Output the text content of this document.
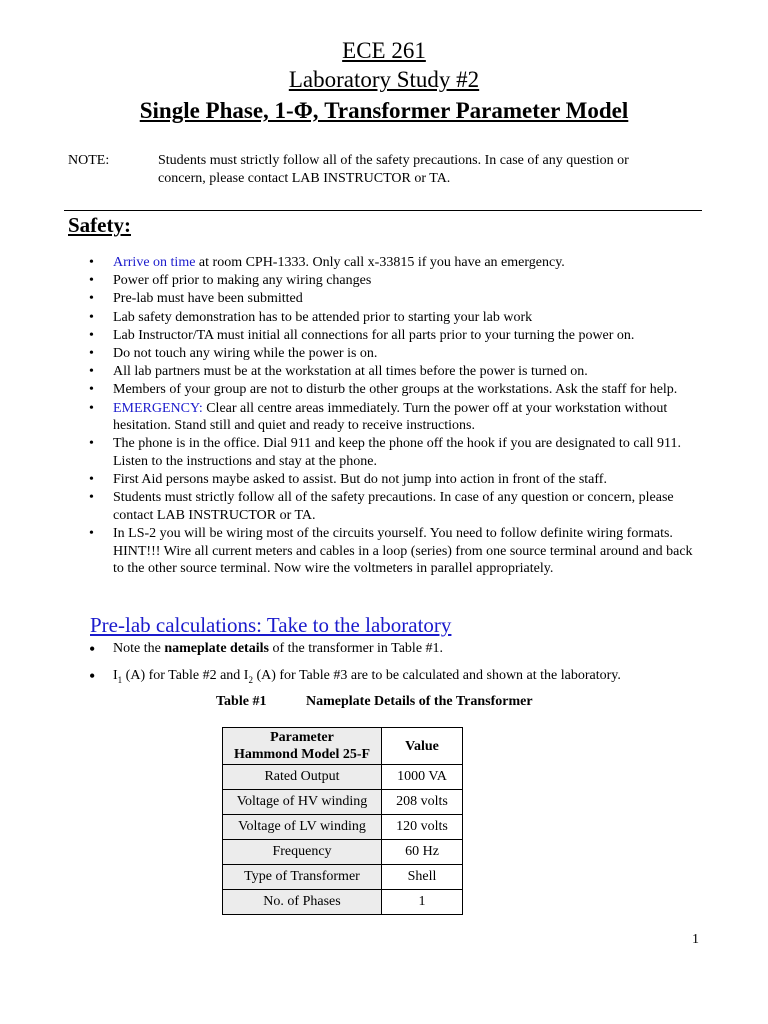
ECE 261
Laboratory Study #2
Single Phase, 1-Φ, Transformer Parameter Model
NOTE:	Students must strictly follow all of the safety precautions. In case of any question or concern, please contact LAB INSTRUCTOR or TA.
Safety:
• Arrive on time at room CPH-1333. Only call x-33815 if you have an emergency.
• Power off prior to making any wiring changes
• Pre-lab must have been submitted
• Lab safety demonstration has to be attended prior to starting your lab work
• Lab Instructor/TA must initial all connections for all parts prior to your turning the power on.
• Do not touch any wiring while the power is on.
• All lab partners must be at the workstation at all times before the power is turned on.
• Members of your group are not to disturb the other groups at the workstations. Ask the staff for help.
• EMERGENCY: Clear all centre areas immediately. Turn the power off at your workstation without hesitation. Stand still and quiet and ready to receive instructions.
• The phone is in the office. Dial 911 and keep the phone off the hook if you are designated to call 911. Listen to the instructions and stay at the phone.
• First Aid persons maybe asked to assist. But do not jump into action in front of the staff.
• Students must strictly follow all of the safety precautions. In case of any question or concern, please contact LAB INSTRUCTOR or TA.
• In LS-2 you will be wiring most of the circuits yourself. You need to follow definite wiring formats. HINT!!! Wire all current meters and cables in a loop (series) from one source terminal around and back to the other source terminal. Now wire the voltmeters in parallel appropriately.
Pre-lab calculations: Take to the laboratory
• Note the nameplate details of the transformer in Table #1.
• $I_1$ (A) for Table #2 and $I_2$ (A) for Table #3 are to be calculated and shown at the laboratory.
Table #1	Nameplate Details of the Transformer
Parameter
Hammond Model 25-F	Value
Rated Output	1000 VA
Voltage of HV winding	208 volts
Voltage of LV winding	120 volts
Frequency	60 Hz
Type of Transformer	Shell
No. of Phases	1
1
